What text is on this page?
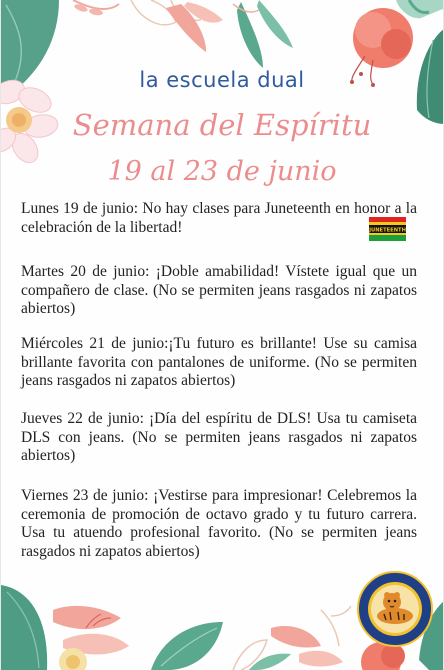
la escuela dual
Semana del Espíritu
19 al 23 de junio

Lunes 19 de junio: No hay clases para Juneteenth en honor a la celebración de la libertad!

Martes 20 de junio: ¡Doble amabilidad! Vístete igual que un compañero de clase. (No se permiten jeans rasgados ni zapatos abiertos)

Miércoles 21 de junio:¡Tu futuro es brillante! Use su camisa brillante favorita con pantalones de uniforme. (No se permiten jeans rasgados ni zapatos abiertos)

Jueves 22 de junio: ¡Día del espíritu de DLS! Usa tu camiseta DLS con jeans. (No se permiten jeans rasgados ni zapatos abiertos)

Viernes 23 de junio: ¡Vestirse para impresionar! Celebremos la ceremonia de promoción de octavo grado y tu futuro carrera. Usa tu atuendo profesional favorito. (No se permiten jeans rasgados ni zapatos abiertos)

JUNETEENTH
